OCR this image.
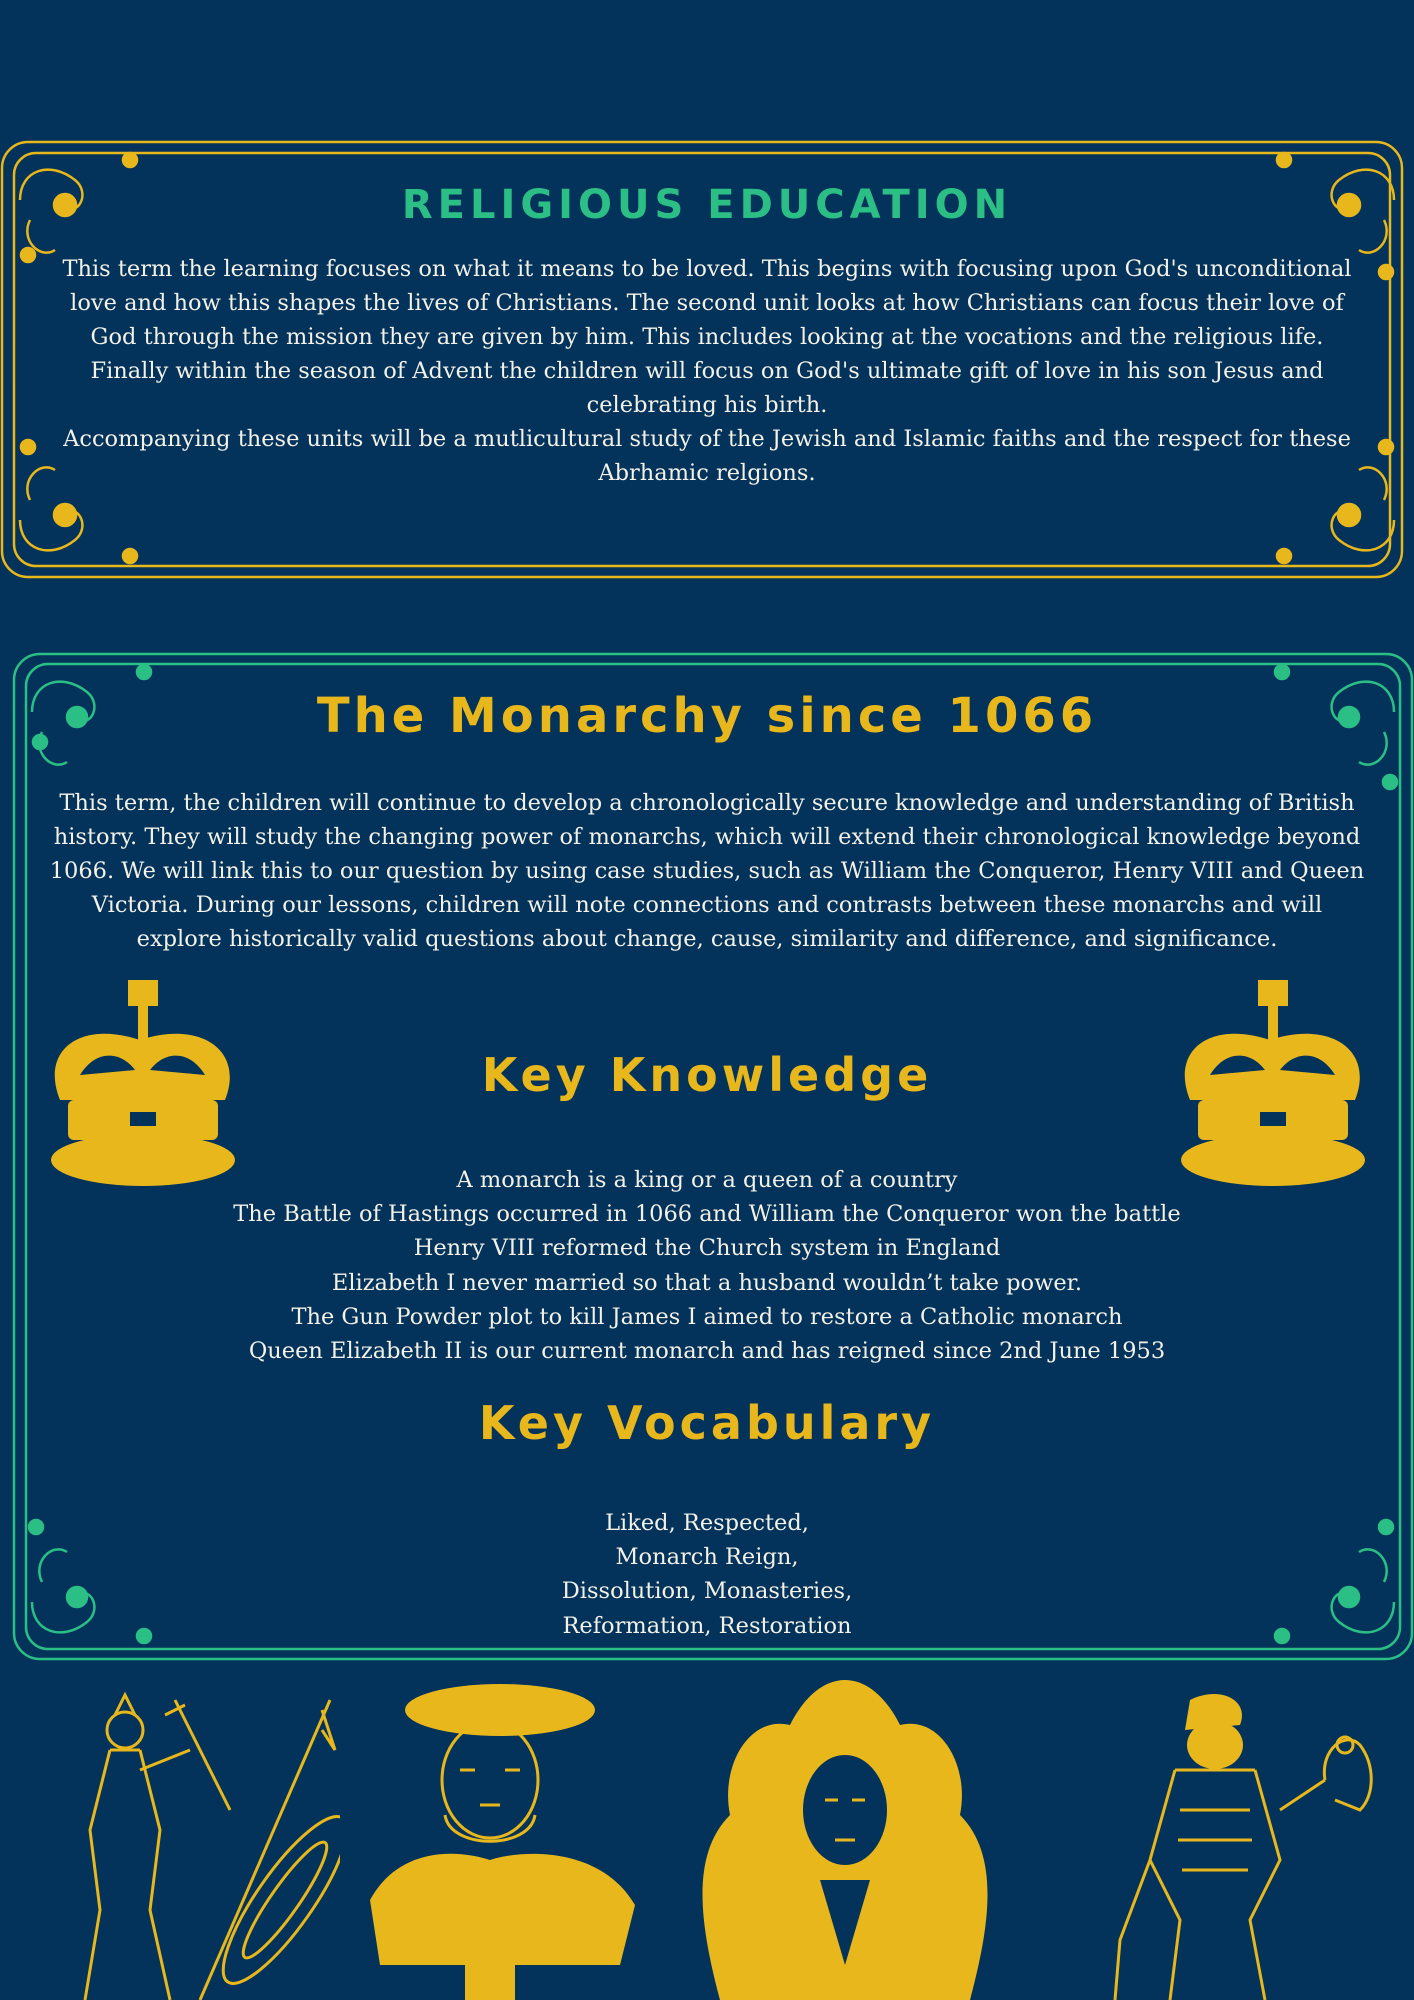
RELIGIOUS EDUCATION
This term the learning focuses on what it means to be loved. This begins with focusing upon God's unconditional love and how this shapes the lives of Christians. The second unit looks at how Christians can focus their love of God through the mission they are given by him. This includes looking at the vocations and the religious life. Finally within the season of Advent the children will focus on God's ultimate gift of love in his son Jesus and celebrating his birth.

Accompanying these units will be a mutlicultural study of the Jewish and Islamic faiths and the respect for these Abrhamic relgions.
The Monarchy since 1066
This term, the children will continue to develop a chronologically secure knowledge and understanding of British history. They will study the changing power of monarchs, which will extend their chronological knowledge beyond 1066. We will link this to our question by using case studies, such as William the Conqueror, Henry VIII and Queen Victoria. During our lessons, children will note connections and contrasts between these monarchs and will explore historically valid questions about change, cause, similarity and difference, and significance.
Key Knowledge
A monarch is a king or a queen of a country
The Battle of Hastings occurred in 1066 and William the Conqueror won the battle
Henry VIII reformed the Church system in England
Elizabeth I never married so that a husband wouldn’t take power.
The Gun Powder plot to kill James I aimed to restore a Catholic monarch
Queen Elizabeth II is our current monarch and has reigned since 2nd June 1953
Key Vocabulary
Liked, Respected,
Monarch Reign,
Dissolution, Monasteries,
Reformation, Restoration
